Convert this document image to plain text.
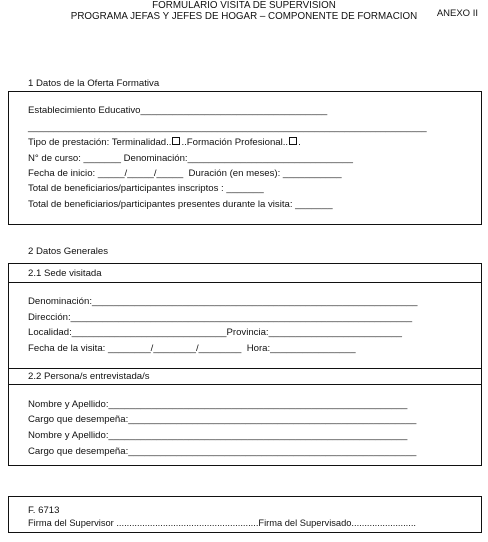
ANEXO II
FORMULARIO VISITA DE SUPERVISION
PROGRAMA JEFAS Y JEFES DE HOGAR – COMPONENTE DE FORMACION
1 Datos de la Oferta Formativa
Establecimiento Educativo___________________________________
______________________________________________________________________________
Tipo de prestación: Terminalidad.. ..Formación Profesional.. .
N° de curso: _______ Denominación:_______________________________
Fecha de inicio: _____/_____/_____  Duración (en meses): ___________
Total de beneficiarios/participantes inscriptos : _______
Total de beneficiarios/participantes presentes durante la visita: _______
2 Datos Generales
2.1 Sede visitada
Denominación:_____________________________________________________________
Dirección:________________________________________________________________
Localidad:_____________________________Provincia:_________________________
Fecha de la visita: ________/________/________  Hora:________________
2.2 Persona/s entrevistada/s
Nombre y Apellido:________________________________________________________
Cargo que desempeña:______________________________________________________
Nombre y Apellido:________________________________________________________
Cargo que desempeña:______________________________________________________
F. 6713
Firma del Supervisor .......................................................Firma del Supervisado.........................
